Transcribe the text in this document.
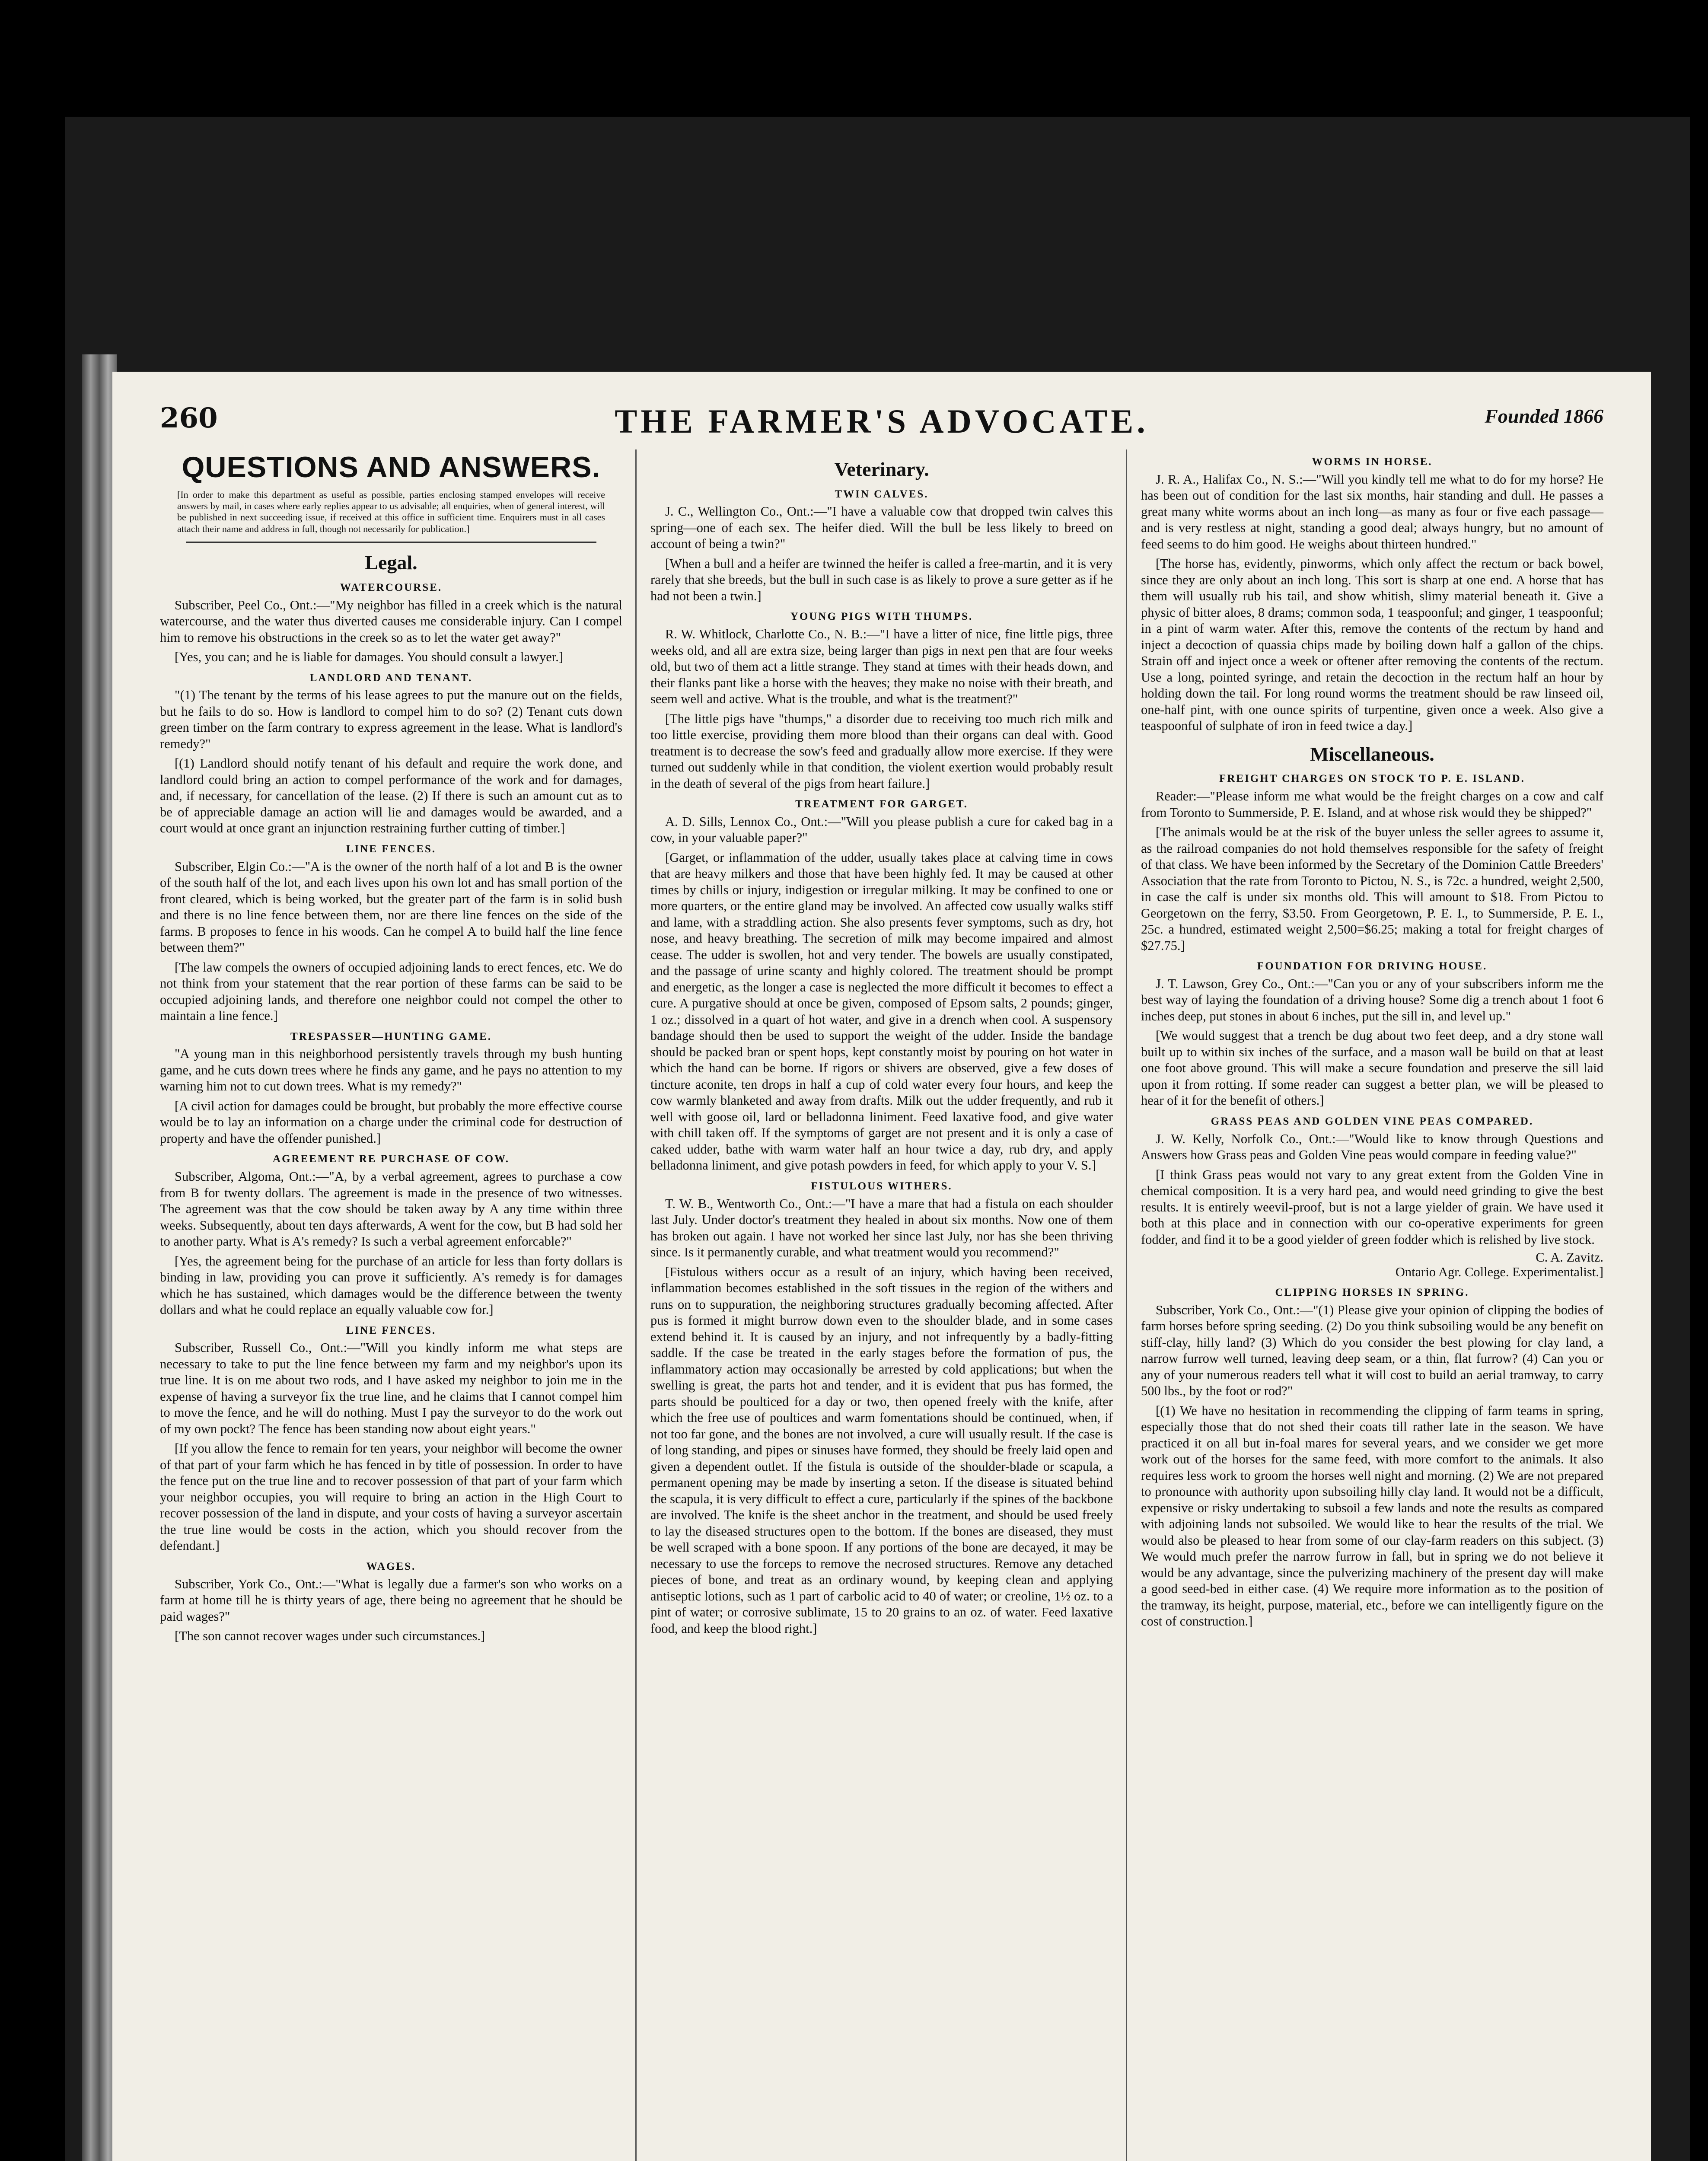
260	THE FARMER'S ADVOCATE.	Founded 1866
QUESTIONS AND ANSWERS.
[In order to make this department as useful as possible, parties enclosing stamped envelopes will receive answers by mail, in cases where early replies appear to us advisable; all enquiries, when of general interest, will be published in next succeeding issue, if received at this office in sufficient time. Enquirers must in all cases attach their name and address in full, though not necessarily for publication.]
Legal.
WATERCOURSE.

Subscriber, Peel Co., Ont.:—"My neighbor has filled in a creek which is the natural watercourse, and the water thus diverted causes me considerable injury. Can I compel him to remove his obstructions in the creek so as to let the water get away?"

[Yes, you can; and he is liable for damages. You should consult a lawyer.]

LANDLORD AND TENANT.

"(1) The tenant by the terms of his lease agrees to put the manure out on the fields, but he fails to do so. How is landlord to compel him to do so? (2) Tenant cuts down green timber on the farm contrary to express agreement in the lease. What is landlord's remedy?"

[(1) Landlord should notify tenant of his default and require the work done, and landlord could bring an action to compel performance of the work and for damages, and, if necessary, for cancellation of the lease. (2) If there is such an amount cut as to be of appreciable damage an action will lie and damages would be awarded, and a court would at once grant an injunction restraining further cutting of timber.]

LINE FENCES.

Subscriber, Elgin Co.:—"A is the owner of the north half of a lot and B is the owner of the south half of the lot, and each lives upon his own lot and has small portion of the front cleared, which is being worked, but the greater part of the farm is in solid bush and there is no line fence between them, nor are there line fences on the side of the farms. B proposes to fence in his woods. Can he compel A to build half the line fence between them?"

[The law compels the owners of occupied adjoining lands to erect fences, etc. We do not think from your statement that the rear portion of these farms can be said to be occupied adjoining lands, and therefore one neighbor could not compel the other to maintain a line fence.]

TRESPASSER—HUNTING GAME.

"A young man in this neighborhood persistently travels through my bush hunting game, and he cuts down trees where he finds any game, and he pays no attention to my warning him not to cut down trees. What is my remedy?"

[A civil action for damages could be brought, but probably the more effective course would be to lay an information on a charge under the criminal code for destruction of property and have the offender punished.]

AGREEMENT RE PURCHASE OF COW.

Subscriber, Algoma, Ont.:—"A, by a verbal agreement, agrees to purchase a cow from B for twenty dollars. The agreement is made in the presence of two witnesses. The agreement was that the cow should be taken away by A any time within three weeks. Subsequently, about ten days afterwards, A went for the cow, but B had sold her to another party. What is A's remedy? Is such a verbal agreement enforcable?"

[Yes, the agreement being for the purchase of an article for less than forty dollars is binding in law, providing you can prove it sufficiently. A's remedy is for damages which he has sustained, which damages would be the difference between the twenty dollars and what he could replace an equally valuable cow for.]

LINE FENCES.

Subscriber, Russell Co., Ont.:—"Will you kindly inform me what steps are necessary to take to put the line fence between my farm and my neighbor's upon its true line. It is on me about two rods, and I have asked my neighbor to join me in the expense of having a surveyor fix the true line, and he claims that I cannot compel him to move the fence, and he will do nothing. Must I pay the surveyor to do the work out of my own pockt? The fence has been standing now about eight years."

[If you allow the fence to remain for ten years, your neighbor will become the owner of that part of your farm which he has fenced in by title of possession. In order to have the fence put on the true line and to recover possession of that part of your farm which your neighbor occupies, you will require to bring an action in the High Court to recover possession of the land in dispute, and your costs of having a surveyor ascertain the true line would be costs in the action, which you should recover from the defendant.]

WAGES.

Subscriber, York Co., Ont.:—"What is legally due a farmer's son who works on a farm at home till he is thirty years of age, there being no agreement that he should be paid wages?"

[The son cannot recover wages under such circumstances.]

Veterinary.
TWIN CALVES.

J. C., Wellington Co., Ont.:—"I have a valuable cow that dropped twin calves this spring—one of each sex. The heifer died. Will the bull be less likely to breed on account of being a twin?"

[When a bull and a heifer are twinned the heifer is called a free-martin, and it is very rarely that she breeds, but the bull in such case is as likely to prove a sure getter as if he had not been a twin.]

YOUNG PIGS WITH THUMPS.

R. W. Whitlock, Charlotte Co., N. B.:—"I have a litter of nice, fine little pigs, three weeks old, and all are extra size, being larger than pigs in next pen that are four weeks old, but two of them act a little strange. They stand at times with their heads down, and their flanks pant like a horse with the heaves; they make no noise with their breath, and seem well and active. What is the trouble, and what is the treatment?"

[The little pigs have "thumps," a disorder due to receiving too much rich milk and too little exercise, providing them more blood than their organs can deal with. Good treatment is to decrease the sow's feed and gradually allow more exercise. If they were turned out suddenly while in that condition, the violent exertion would probably result in the death of several of the pigs from heart failure.]

TREATMENT FOR GARGET.

A. D. Sills, Lennox Co., Ont.:—"Will you please publish a cure for caked bag in a cow, in your valuable paper?"

[Garget, or inflammation of the udder, usually takes place at calving time in cows that are heavy milkers and those that have been highly fed. It may be caused at other times by chills or injury, indigestion or irregular milking. It may be confined to one or more quarters, or the entire gland may be involved. An affected cow usually walks stiff and lame, with a straddling action. She also presents fever symptoms, such as dry, hot nose, and heavy breathing. The secretion of milk may become impaired and almost cease. The udder is swollen, hot and very tender. The bowels are usually constipated, and the passage of urine scanty and highly colored. The treatment should be prompt and energetic, as the longer a case is neglected the more difficult it becomes to effect a cure. A purgative should at once be given, composed of Epsom salts, 2 pounds; ginger, 1 oz.; dissolved in a quart of hot water, and give in a drench when cool. A suspensory bandage should then be used to support the weight of the udder. Inside the bandage should be packed bran or spent hops, kept constantly moist by pouring on hot water in which the hand can be borne. If rigors or shivers are observed, give a few doses of tincture aconite, ten drops in half a cup of cold water every four hours, and keep the cow warmly blanketed and away from drafts. Milk out the udder frequently, and rub it well with goose oil, lard or belladonna liniment. Feed laxative food, and give water with chill taken off. If the symptoms of garget are not present and it is only a case of caked udder, bathe with warm water half an hour twice a day, rub dry, and apply belladonna liniment, and give potash powders in feed, for which apply to your V. S.]

FISTULOUS WITHERS.

T. W. B., Wentworth Co., Ont.:—"I have a mare that had a fistula on each shoulder last July. Under doctor's treatment they healed in about six months. Now one of them has broken out again. I have not worked her since last July, nor has she been thriving since. Is it permanently curable, and what treatment would you recommend?"

[Fistulous withers occur as a result of an injury, which having been received, inflammation becomes established in the soft tissues in the region of the withers and runs on to suppuration, the neighboring structures gradually becoming affected. After pus is formed it might burrow down even to the shoulder blade, and in some cases extend behind it. It is caused by an injury, and not infrequently by a badly-fitting saddle. If the case be treated in the early stages before the formation of pus, the inflammatory action may occasionally be arrested by cold applications; but when the swelling is great, the parts hot and tender, and it is evident that pus has formed, the parts should be poulticed for a day or two, then opened freely with the knife, after which the free use of poultices and warm fomentations should be continued, when, if not too far gone, and the bones are not involved, a cure will usually result. If the case is of long standing, and pipes or sinuses have formed, they should be freely laid open and given a dependent outlet. If the fistula is outside of the shoulder-blade or scapula, a permanent opening may be made by inserting a seton. If the disease is situated behind the scapula, it is very difficult to effect a cure, particularly if the spines of the backbone are involved. The knife is the sheet anchor in the treatment, and should be used freely to lay the diseased structures open to the bottom. If the bones are diseased, they must be well scraped with a bone spoon. If any portions of the bone are decayed, it may be necessary to use the forceps to remove the necrosed structures. Remove any detached pieces of bone, and treat as an ordinary wound, by keeping clean and applying antiseptic lotions, such as 1 part of carbolic acid to 40 of water; or creoline, 1½ oz. to a pint of water; or corrosive sublimate, 15 to 20 grains to an oz. of water. Feed laxative food, and keep the blood right.]

WORMS IN HORSE.

J. R. A., Halifax Co., N. S.:—"Will you kindly tell me what to do for my horse? He has been out of condition for the last six months, hair standing and dull. He passes a great many white worms about an inch long—as many as four or five each passage—and is very restless at night, standing a good deal; always hungry, but no amount of feed seems to do him good. He weighs about thirteen hundred."

[The horse has, evidently, pinworms, which only affect the rectum or back bowel, since they are only about an inch long. This sort is sharp at one end. A horse that has them will usually rub his tail, and show whitish, slimy material beneath it. Give a physic of bitter aloes, 8 drams; common soda, 1 teaspoonful; and ginger, 1 teaspoonful; in a pint of warm water. After this, remove the contents of the rectum by hand and inject a decoction of quassia chips made by boiling down half a gallon of the chips. Strain off and inject once a week or oftener after removing the contents of the rectum. Use a long, pointed syringe, and retain the decoction in the rectum half an hour by holding down the tail. For long round worms the treatment should be raw linseed oil, one-half pint, with one ounce spirits of turpentine, given once a week. Also give a teaspoonful of sulphate of iron in feed twice a day.]

Miscellaneous.
FREIGHT CHARGES ON STOCK TO P. E. ISLAND.

Reader:—"Please inform me what would be the freight charges on a cow and calf from Toronto to Summerside, P. E. Island, and at whose risk would they be shipped?"

[The animals would be at the risk of the buyer unless the seller agrees to assume it, as the railroad companies do not hold themselves responsible for the safety of freight of that class. We have been informed by the Secretary of the Dominion Cattle Breeders' Association that the rate from Toronto to Pictou, N. S., is 72c. a hundred, weight 2,500, in case the calf is under six months old. This will amount to $18. From Pictou to Georgetown on the ferry, $3.50. From Georgetown, P. E. I., to Summerside, P. E. I., 25c. a hundred, estimated weight 2,500=$6.25; making a total for freight charges of $27.75.]

FOUNDATION FOR DRIVING HOUSE.

J. T. Lawson, Grey Co., Ont.:—"Can you or any of your subscribers inform me the best way of laying the foundation of a driving house? Some dig a trench about 1 foot 6 inches deep, put stones in about 6 inches, put the sill in, and level up."

[We would suggest that a trench be dug about two feet deep, and a dry stone wall built up to within six inches of the surface, and a mason wall be build on that at least one foot above ground. This will make a secure foundation and preserve the sill laid upon it from rotting. If some reader can suggest a better plan, we will be pleased to hear of it for the benefit of others.]

GRASS PEAS AND GOLDEN VINE PEAS COMPARED.

J. W. Kelly, Norfolk Co., Ont.:—"Would like to know through Questions and Answers how Grass peas and Golden Vine peas would compare in feeding value?"

[I think Grass peas would not vary to any great extent from the Golden Vine in chemical composition. It is a very hard pea, and would need grinding to give the best results. It is entirely weevil-proof, but is not a large yielder of grain. We have used it both at this place and in connection with our co-operative experiments for green fodder, and find it to be a good yielder of green fodder which is relished by live stock.

C. A. Zavitz.
Ontario Agr. College. Experimentalist.]
CLIPPING HORSES IN SPRING.

Subscriber, York Co., Ont.:—"(1) Please give your opinion of clipping the bodies of farm horses before spring seeding. (2) Do you think subsoiling would be any benefit on stiff-clay, hilly land? (3) Which do you consider the best plowing for clay land, a narrow furrow well turned, leaving deep seam, or a thin, flat furrow? (4) Can you or any of your numerous readers tell what it will cost to build an aerial tramway, to carry 500 lbs., by the foot or rod?"

[(1) We have no hesitation in recommending the clipping of farm teams in spring, especially those that do not shed their coats till rather late in the season. We have practiced it on all but in-foal mares for several years, and we consider we get more work out of the horses for the same feed, with more comfort to the animals. It also requires less work to groom the horses well night and morning. (2) We are not prepared to pronounce with authority upon subsoiling hilly clay land. It would not be a difficult, expensive or risky undertaking to subsoil a few lands and note the results as compared with adjoining lands not subsoiled. We would like to hear the results of the trial. We would also be pleased to hear from some of our clay-farm readers on this subject. (3) We would much prefer the narrow furrow in fall, but in spring we do not believe it would be any advantage, since the pulverizing machinery of the present day will make a good seed-bed in either case. (4) We require more information as to the position of the tramway, its height, purpose, material, etc., before we can intelligently figure on the cost of construction.]
